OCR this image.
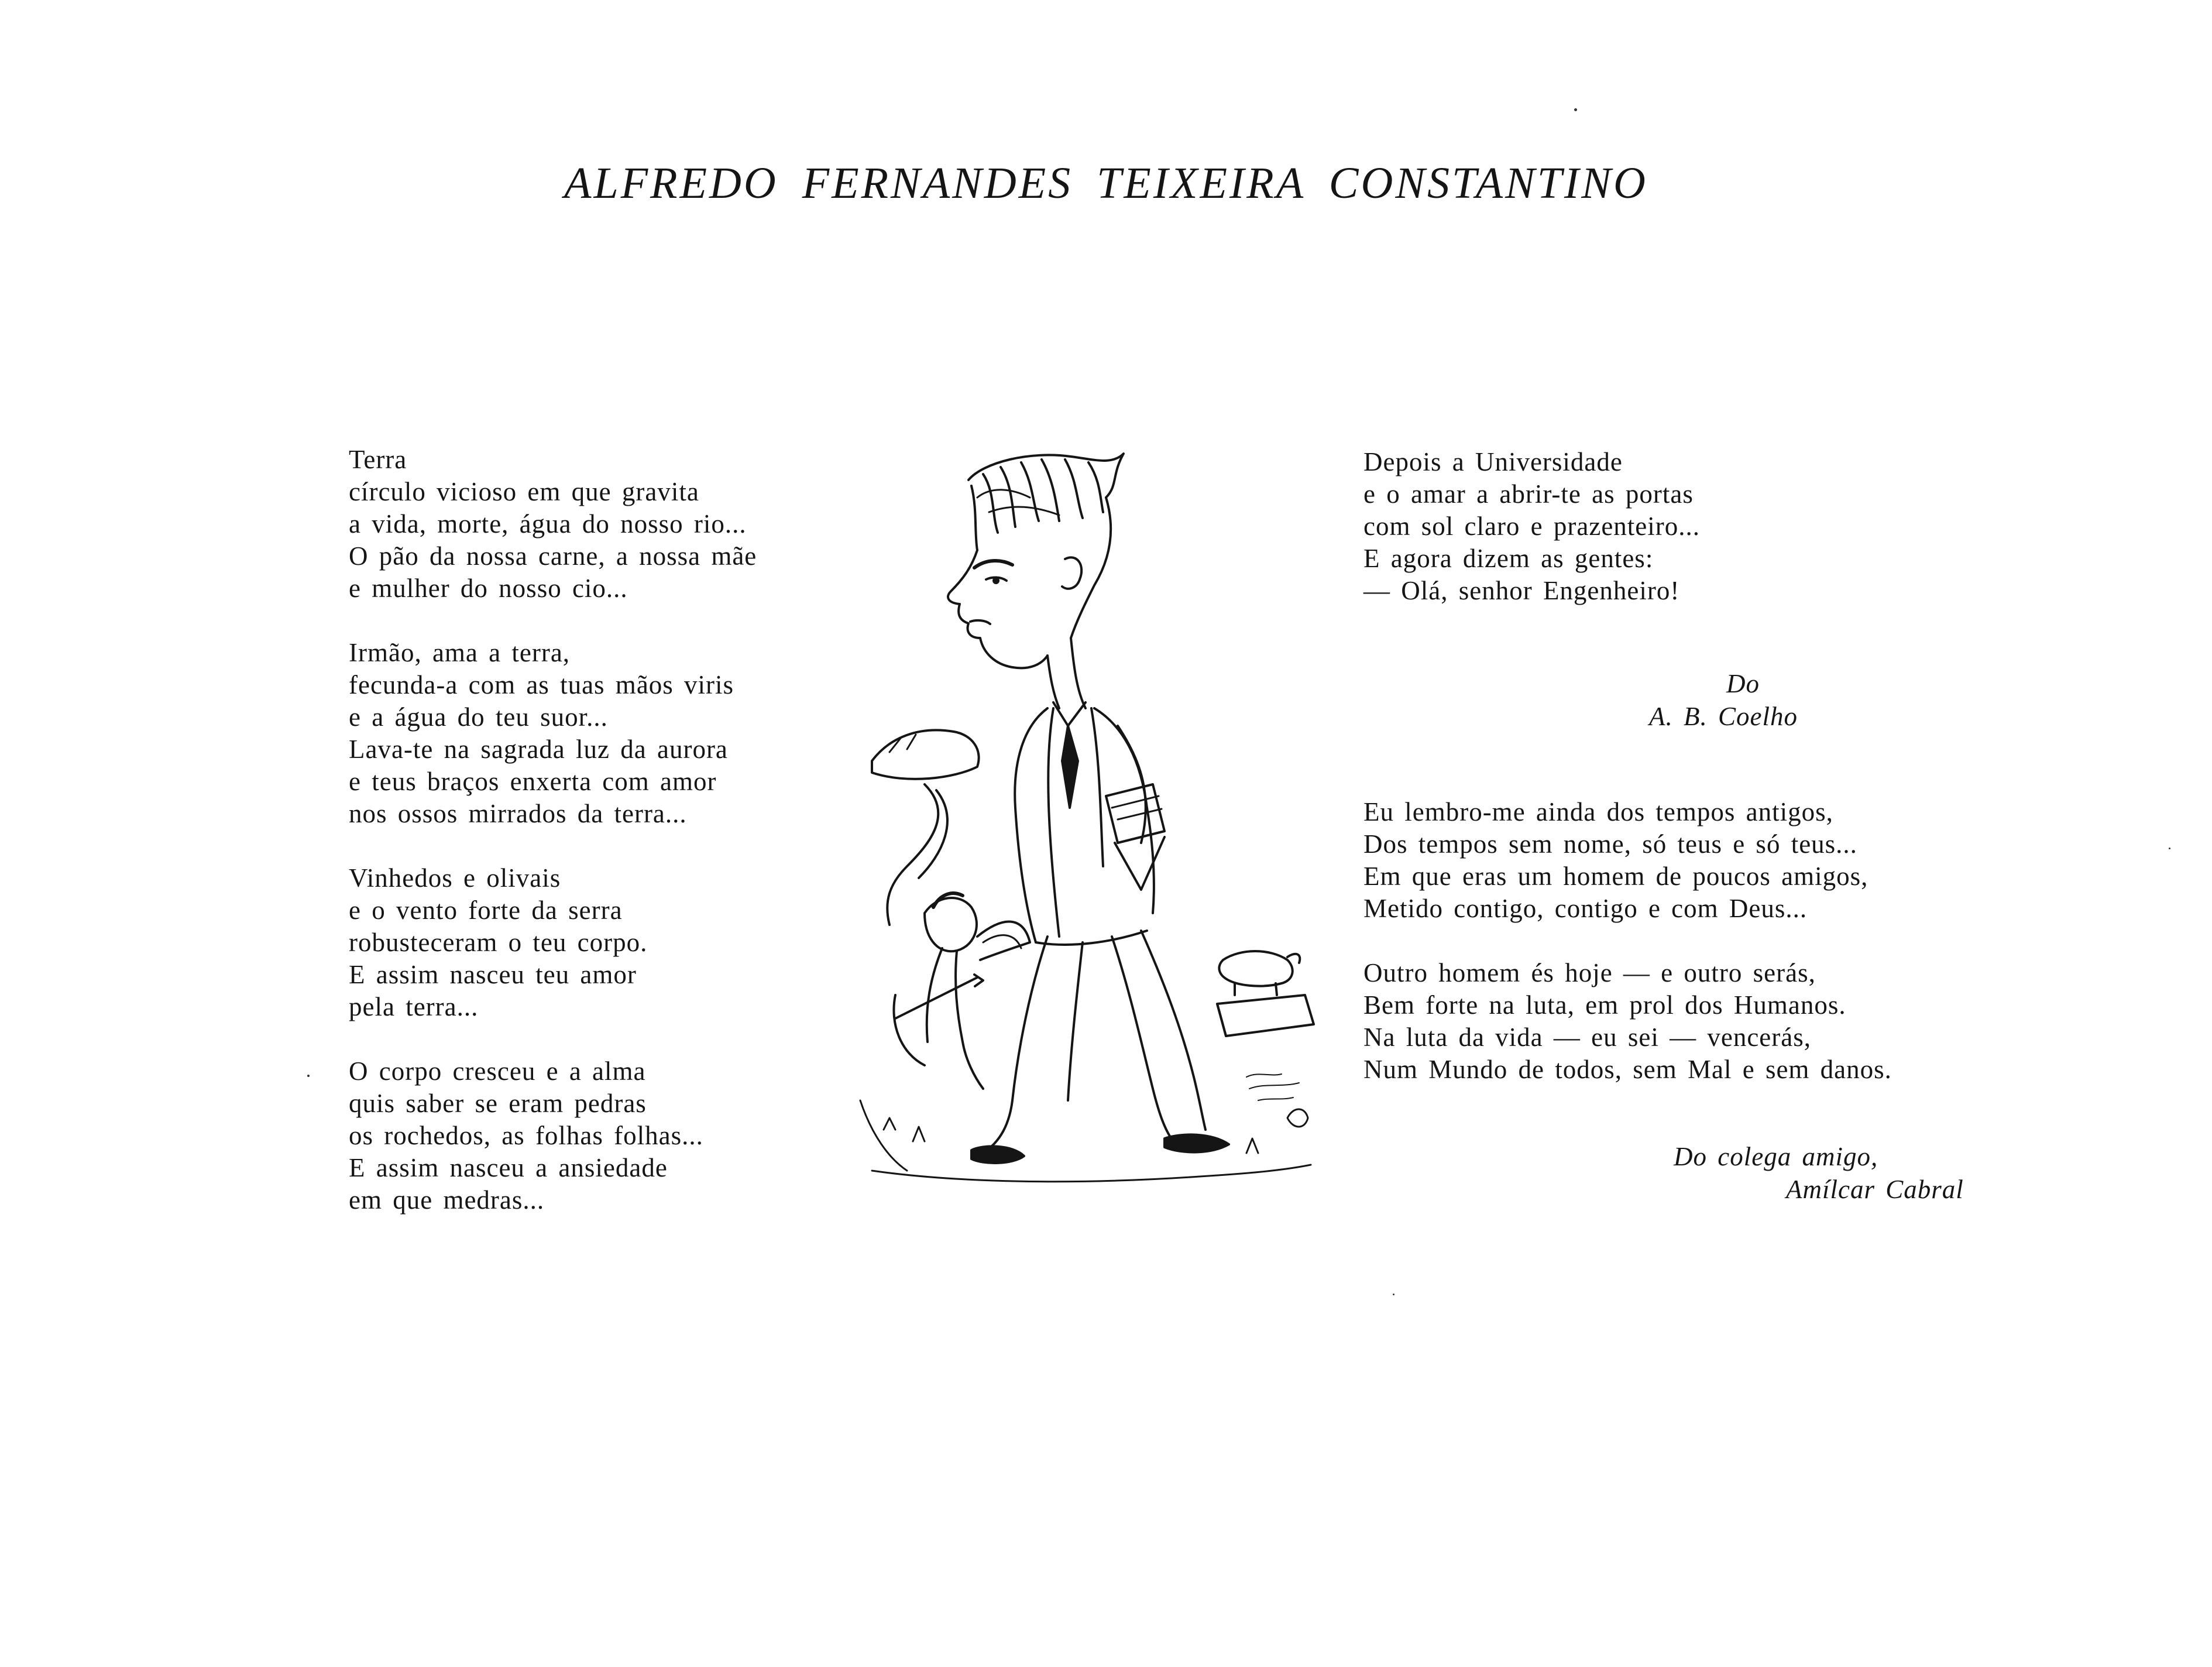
ALFREDO FERNANDES TEIXEIRA CONSTANTINO
Terra
círculo vicioso em que gravita
a vida, morte, água do nosso rio...
O pão da nossa carne, a nossa mãe
e mulher do nosso cio...
Irmão, ama a terra,
fecunda-a com as tuas mãos viris
e a água do teu suor...
Lava-te na sagrada luz da aurora
e teus braços enxerta com amor
nos ossos mirrados da terra...
Vinhedos e olivais
e o vento forte da serra
robusteceram o teu corpo.
E assim nasceu teu amor
pela terra...
O corpo cresceu e a alma
quis saber se eram pedras
os rochedos, as folhas folhas...
E assim nasceu a ansiedade
em que medras...
Depois a Universidade
e o amar a abrir-te as portas
com sol claro e prazenteiro...
E agora dizem as gentes:
— Olá, senhor Engenheiro!
Do
A. B. Coelho
Eu lembro-me ainda dos tempos antigos,
Dos tempos sem nome, só teus e só teus...
Em que eras um homem de poucos amigos,
Metido contigo, contigo e com Deus...
Outro homem és hoje — e outro serás,
Bem forte na luta, em prol dos Humanos.
Na luta da vida — eu sei — vencerás,
Num Mundo de todos, sem Mal e sem danos.
Do colega amigo,
Amílcar Cabral
